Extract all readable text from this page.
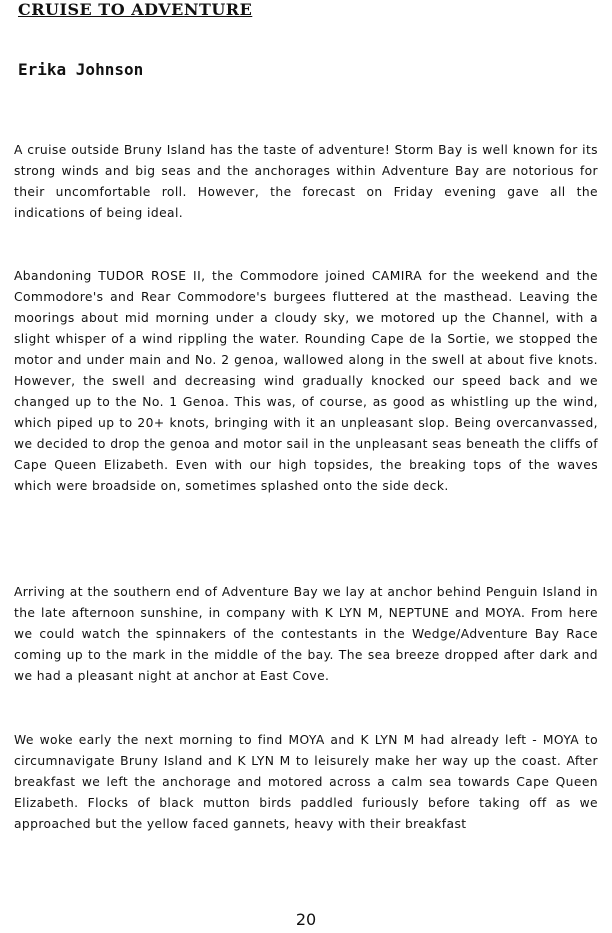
CRUISE TO ADVENTURE
Erika Johnson

A cruise outside Bruny Island has the taste of adventure! Storm Bay is well known for its strong winds and big seas and the anchorages within Adventure Bay are notorious for their uncomfortable roll. However, the forecast on Friday evening gave all the indications of being ideal.

Abandoning TUDOR ROSE II, the Commodore joined CAMIRA for the weekend and the Commodore's and Rear Commodore's burgees fluttered at the masthead. Leaving the moorings about mid morning under a cloudy sky, we motored up the Channel, with a slight whisper of a wind rippling the water. Rounding Cape de la Sortie, we stopped the motor and under main and No. 2 genoa, wallowed along in the swell at about five knots. However, the swell and decreasing wind gradually knocked our speed back and we changed up to the No. 1 Genoa. This was, of course, as good as whistling up the wind, which piped up to 20+ knots, bringing with it an unpleasant slop. Being overcanvassed, we decided to drop the genoa and motor sail in the unpleasant seas beneath the cliffs of Cape Queen Elizabeth. Even with our high topsides, the breaking tops of the waves which were broadside on, sometimes splashed onto the side deck.

Arriving at the southern end of Adventure Bay we lay at anchor behind Penguin Island in the late afternoon sunshine, in company with K LYN M, NEPTUNE and MOYA. From here we could watch the spinnakers of the contestants in the Wedge/Adventure Bay Race coming up to the mark in the middle of the bay. The sea breeze dropped after dark and we had a pleasant night at anchor at East Cove.

We woke early the next morning to find MOYA and K LYN M had already left - MOYA to circumnavigate Bruny Island and K LYN M to leisurely make her way up the coast. After breakfast we left the anchorage and motored across a calm sea towards Cape Queen Elizabeth. Flocks of black mutton birds paddled furiously before taking off as we approached but the yellow faced gannets, heavy with their breakfast

20
